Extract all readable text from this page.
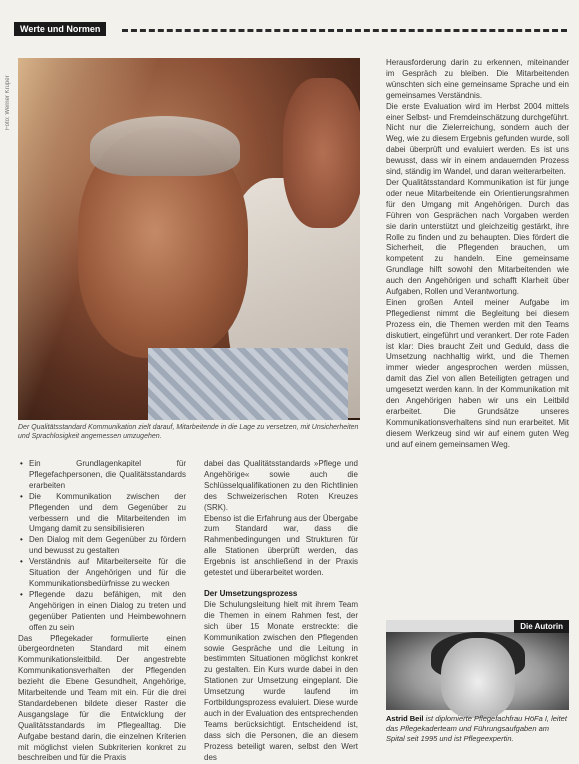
Werte und Normen
Foto: Werner Krüper
Der Qualitätsstandard Kommunikation zielt darauf, Mitarbeitende in die Lage zu versetzen, mit Unsicherheiten und Sprachlosigkeit angemessen umzugehen.
• Ein Grundlagenkapitel für Pflegefachpersonen, die Qualitätsstandards erarbeiten
• Die Kommunikation zwischen der Pflegenden und dem Gegenüber zu verbessern und die Mitarbeitenden im Umgang damit zu sensibilisieren
• Den Dialog mit dem Gegenüber zu fördern und bewusst zu gestalten
• Verständnis auf Mitarbeiterseite für die Situation der Angehörigen und für die Kommunikationsbedürfnisse zu wecken
• Pflegende dazu befähigen, mit den Angehörigen in einen Dialog zu treten und gegenüber Patienten und Heimbewohnern offen zu sein

Das Pflegekader formulierte einen übergeordneten Standard mit einem Kommunikationsleitbild. Der angestrebte Kommunikationsverhalten der Pflegenden bezieht die Ebene Gesundheit, Angehörige, Mitarbeitende und Team mit ein. Für die drei Standardebenen bildete dieser Raster die Ausgangslage für die Entwicklung der Qualitätsstandards im Pflegealltag. Die Aufgabe bestand darin, die einzelnen Kriterien mit möglichst vielen Subkriterien konkret zu beschreiben und für die Praxis

dabei das Qualitätsstandards »Pflege und Angehörige« sowie auch die Schlüsselqualifikationen zu den Richtlinien des Schweizerischen Roten Kreuzes (SRK).

Ebenso ist die Erfahrung aus der Übergabe zum Standard war, dass die Rahmenbedingungen und Strukturen für alle Stationen überprüft werden, das Ergebnis ist anschließend in der Praxis getestet und überarbeitet worden.

Der Umsetzungsprozess

Die Schulungsleitung hielt mit ihrem Team die Themen in einem Rahmen fest, der sich über 15 Monate erstreckte: die Kommunikation zwischen den Pflegenden sowie Gespräche und die Leitung in bestimmten Situationen möglichst konkret zu gestalten. Ein Kurs wurde dabei in den Stationen zur Umsetzung eingeplant. Die Umsetzung wurde laufend im Fortbildungsprozess evaluiert. Diese wurde auch in der Evaluation des entsprechenden Teams berücksichtigt. Entscheidend ist, dass sich die Personen, die an diesem Prozess beteiligt waren, selbst den Wert des

Herausforderung darin zu erkennen, miteinander im Gespräch zu bleiben. Die Mitarbeitenden wünschten sich eine gemeinsame Sprache und ein gemeinsames Verständnis.

Die erste Evaluation wird im Herbst 2004 mittels einer Selbst- und Fremdeinschätzung durchgeführt. Nicht nur die Zielerreichung, sondern auch der Weg, wie zu diesem Ergebnis gefunden wurde, soll dabei überprüft und evaluiert werden. Es ist uns bewusst, dass wir in einem andauernden Prozess sind, ständig im Wandel, und daran weiterarbeiten.

Der Qualitätsstandard Kommunikation ist für junge oder neue Mitarbeitende ein Orientierungsrahmen für den Umgang mit Angehörigen. Durch das Führen von Gesprächen nach Vorgaben werden sie darin unterstützt und gleichzeitig gestärkt, ihre Rolle zu finden und zu behaupten. Dies fördert die Sicherheit, die Pflegenden brauchen, um kompetent zu handeln. Eine gemeinsame Grundlage hilft sowohl den Mitarbeitenden wie auch den Angehörigen und schafft Klarheit über Aufgaben, Rollen und Verantwortung.

Einen großen Anteil meiner Aufgabe im Pflegedienst nimmt die Begleitung bei diesem Prozess ein, die Themen werden mit den Teams diskutiert, eingeführt und verankert. Der rote Faden ist klar: Dies braucht Zeit und Geduld, dass die Umsetzung nachhaltig wirkt, und die Themen immer wieder angesprochen werden müssen, damit das Ziel von allen Beteiligten getragen und umgesetzt werden kann. In der Kommunikation mit den Angehörigen haben wir uns ein Leitbild erarbeitet. Die Grundsätze unseres Kommunikationsverhaltens sind nun erarbeitet. Mit diesem Werkzeug sind wir auf einem guten Weg und auf einem gemeinsamen Weg.

Die Autorin
Astrid Beil ist diplomierte Pflegefachfrau HöFa I, leitet das Pflegekaderteam und Führungsaufgaben am Spital seit 1995 und ist Pflegeexpertin.
